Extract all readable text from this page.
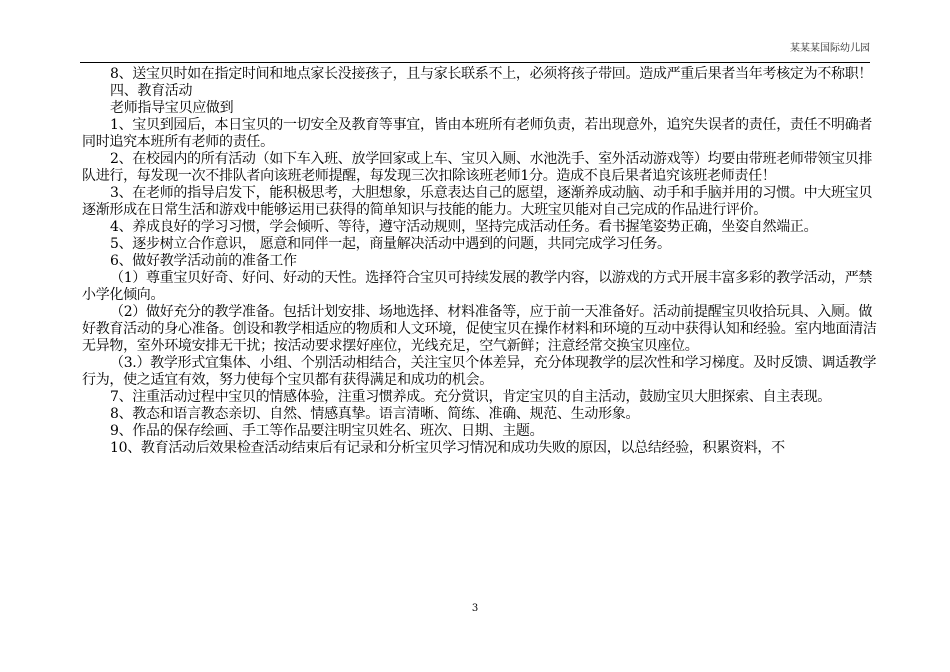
某某某国际幼儿园

8、送宝贝时如在指定时间和地点家长没接孩子，且与家长联系不上，必须将孩子带回。造成严重后果者当年考核定为不称职！

四、教育活动

老师指导宝贝应做到

1、宝贝到园后，本日宝贝的一切安全及教育等事宜，皆由本班所有老师负责，若出现意外，追究失误者的责任，责任不明确者同时追究本班所有老师的责任。

2、在校园内的所有活动（如下车入班、放学回家或上车、宝贝入厕、水池洗手、室外活动游戏等）均要由带班老师带领宝贝排队进行，每发现一次不排队者向该班老师提醒，每发现三次扣除该班老师1分。造成不良后果者追究该班老师责任！

3、在老师的指导启发下，能积极思考，大胆想象，乐意表达自己的愿望，逐渐养成动脑、动手和手脑并用的习惯。中大班宝贝逐渐形成在日常生活和游戏中能够运用已获得的简单知识与技能的能力。大班宝贝能对自己完成的作品进行评价。

4、养成良好的学习习惯，学会倾听、等待，遵守活动规则，坚持完成活动任务。看书握笔姿势正确，坐姿自然端正。

5、逐步树立合作意识， 愿意和同伴一起，商量解决活动中遇到的问题，共同完成学习任务。

6、做好教学活动前的准备工作

（1）尊重宝贝好奇、好问、好动的天性。选择符合宝贝可持续发展的教学内容，以游戏的方式开展丰富多彩的教学活动，严禁小学化倾向。

（2）做好充分的教学准备。包括计划安排、场地选择、材料准备等，应于前一天准备好。活动前提醒宝贝收拾玩具、入厕。做好教育活动的身心准备。创设和教学相适应的物质和人文环境，促使宝贝在操作材料和环境的互动中获得认知和经验。室内地面清洁无异物，室外环境安排无干扰；按活动要求摆好座位，光线充足，空气新鲜；注意经常交换宝贝座位。

（3.）教学形式宜集体、小组、个别活动相结合，关注宝贝个体差异，充分体现教学的层次性和学习梯度。及时反馈、调适教学行为，使之适宜有效，努力使每个宝贝都有获得满足和成功的机会。

7、注重活动过程中宝贝的情感体验，注重习惯养成。充分赏识，肯定宝贝的自主活动，鼓励宝贝大胆探索、自主表现。

8、教态和语言教态亲切、自然、情感真挚。语言清晰、简练、准确、规范、生动形象。

9、作品的保存绘画、手工等作品要注明宝贝姓名、班次、日期、主题。

10、教育活动后效果检查活动结束后有记录和分析宝贝学习情况和成功失败的原因，以总结经验，积累资料，不

3
